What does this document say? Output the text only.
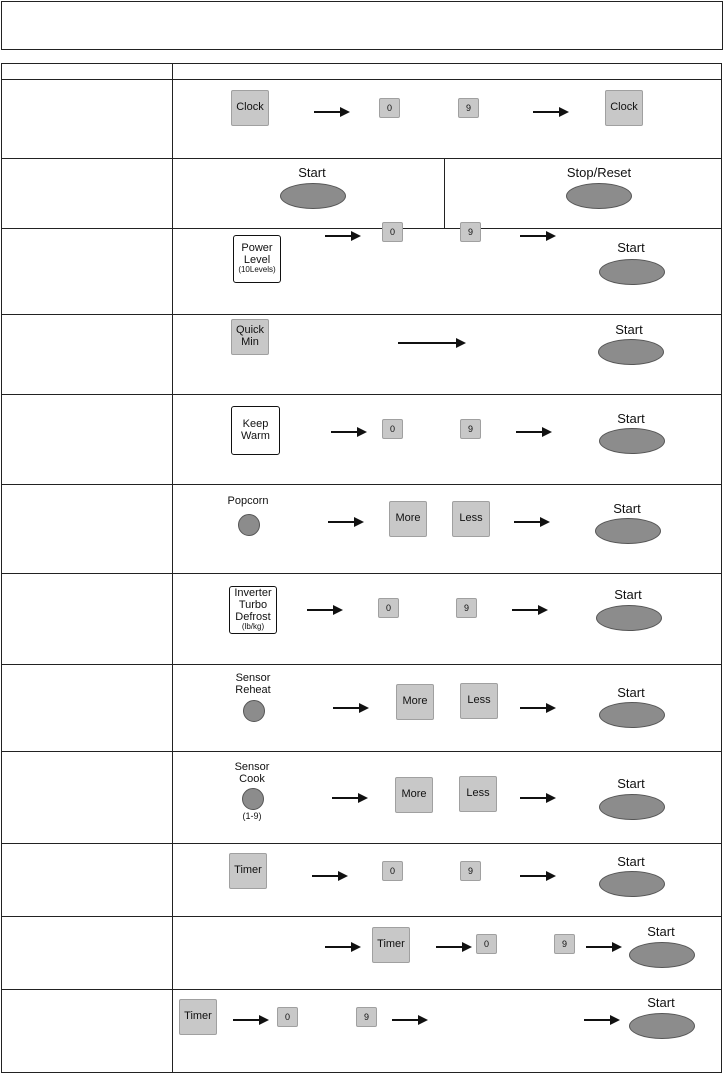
Clock	0	9	Clock
Start	Stop/Reset
Power
Level
(10Levels)
0	9
Start
Quick
Min
Start
Keep
Warm
0	9
Start
Popcorn
More	Less
Start
Inverter
Turbo
Defrost
(lb/kg)
0	9
Start
Sensor
Reheat
More	Less
Start
Sensor
Cook
(1-9)
More	Less
Start
Timer	0	9
Start
Timer	0	9
Start
Timer	0	9
Start
